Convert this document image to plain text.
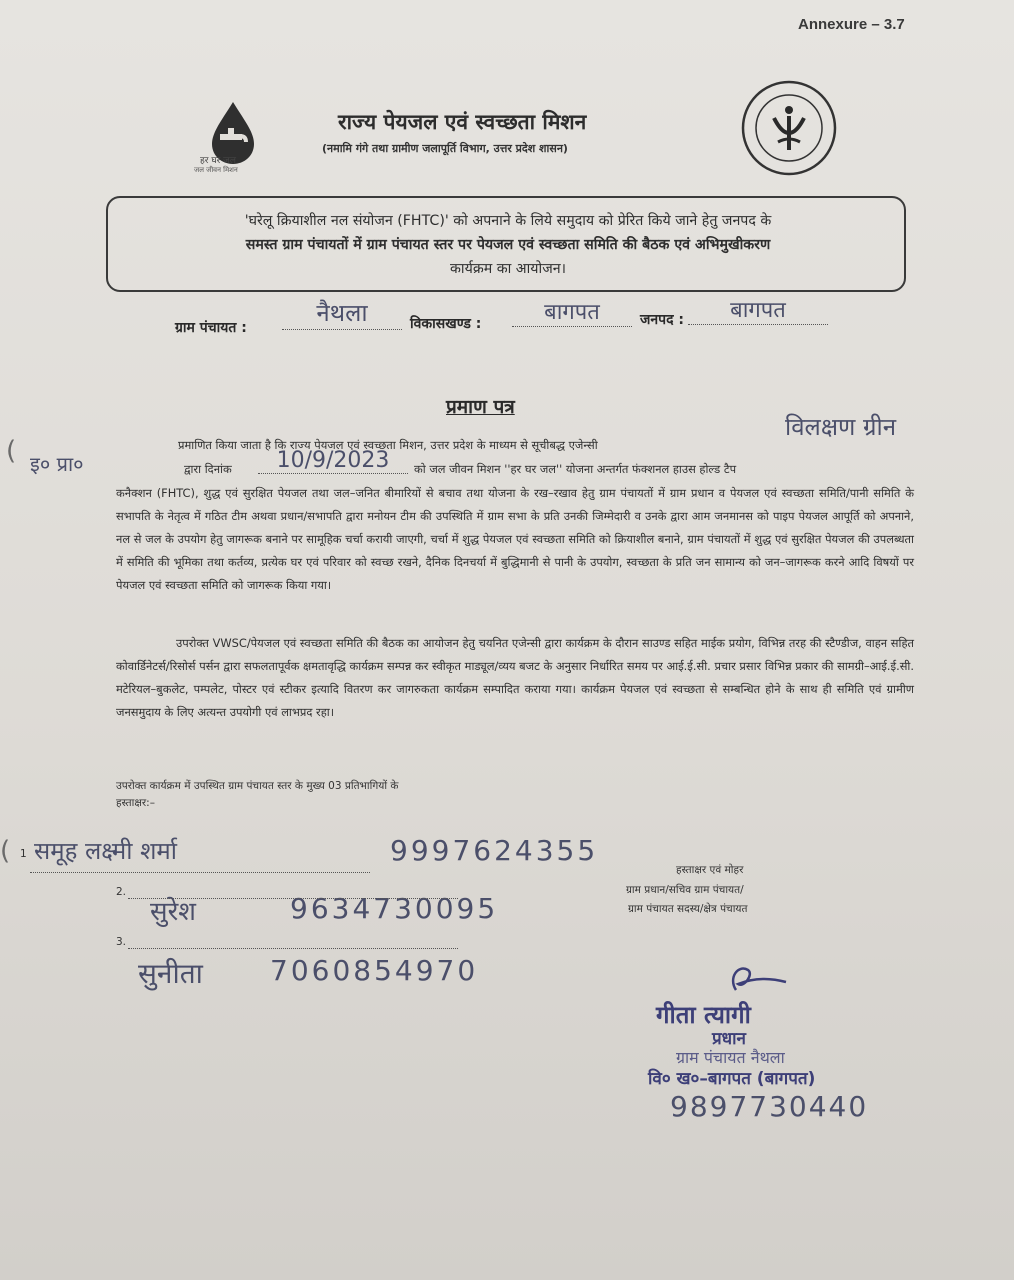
Annexure – 3.7
हर घर जल
जल जीवन मिशन
राज्य पेयजल एवं स्वच्छता मिशन
(नमामि गंगे तथा ग्रामीण जलापूर्ति विभाग, उत्तर प्रदेश शासन)
'घरेलू क्रियाशील नल संयोजन (FHTC)' को अपनाने के लिये समुदाय को प्रेरित किये जाने हेतु जनपद के
समस्त ग्राम पंचायतों में ग्राम पंचायत स्तर पर पेयजल एवं स्वच्छता समिति की बैठक एवं अभिमुखीकरण
कार्यक्रम का आयोजन।
ग्राम पंचायत :
नैथला	विकासखण्ड :	बागपत	जनपद :	बागपत
प्रमाण पत्र
विलक्षण ग्रीन
इ० प्रा०
(	प्रमाणित किया जाता है कि राज्य पेयजल एवं स्वच्छता मिशन, उत्तर प्रदेश के माध्यम से सूचीबद्ध एजेन्सी
द्वारा दिनांक	10/9/2023	को जल जीवन मिशन ''हर घर जल'' योजना अन्तर्गत फंक्शनल हाउस होल्ड टैप
कनैक्शन (FHTC), शुद्ध एवं सुरक्षित पेयजल तथा जल–जनित बीमारियों से बचाव तथा योजना के रख–रखाव हेतु ग्राम पंचायतों में ग्राम प्रधान व पेयजल एवं स्वच्छता समिति/पानी समिति के सभापति के नेतृत्व में गठित टीम अथवा प्रधान/सभापति द्वारा मनोयन टीम की उपस्थिति में ग्राम सभा के प्रति उनकी जिम्मेदारी व उनके द्वारा आम जनमानस को पाइप पेयजल आपूर्ति को अपनाने, नल से जल के उपयोग हेतु जागरूक बनाने पर सामूहिक चर्चा करायी जाएगी, चर्चा में शुद्ध पेयजल एवं स्वच्छता समिति को क्रियाशील बनाने, ग्राम पंचायतों में शुद्ध एवं सुरक्षित पेयजल की उपलब्धता में समिति की भूमिका तथा कर्तव्य, प्रत्येक घर एवं परिवार को स्वच्छ रखने, दैनिक दिनचर्या में बुद्धिमानी से पानी के उपयोग, स्वच्छता के प्रति जन सामान्य को जन–जागरूक करने आदि विषयों पर पेयजल एवं स्वच्छता समिति को जागरूक किया गया।
उपरोक्त VWSC/पेयजल एवं स्वच्छता समिति की बैठक का आयोजन हेतु चयनित एजेन्सी द्वारा कार्यक्रम के दौरान साउण्ड सहित माईक प्रयोग, विभिन्न तरह की स्टैण्डीज, वाहन सहित कोवार्डिनेटर्स/रिसोर्स पर्सन द्वारा सफलतापूर्वक क्षमतावृद्धि कार्यक्रम सम्पन्न कर स्वीकृत माड्यूल/व्यय बजट के अनुसार निर्धारित समय पर आई.ई.सी. प्रचार प्रसार विभिन्न प्रकार की सामग्री–आई.ई.सी. मटेरियल–बुकलेट, पम्पलेट, पोस्टर एवं स्टीकर इत्यादि वितरण कर जागरुकता कार्यक्रम सम्पादित कराया गया। कार्यक्रम पेयजल एवं स्वच्छता से सम्बन्धित होने के साथ ही समिति एवं ग्रामीण जनसमुदाय के लिए अत्यन्त उपयोगी एवं लाभप्रद रहा।
उपरोक्त कार्यक्रम में उपस्थित ग्राम पंचायत स्तर के मुख्य 03 प्रतिभागियों के
हस्ताक्षर:–
( 1 समूह लक्ष्मी शर्मा	9997624355
2.
सुरेश	9634730095
3.
सुनीता 7060854970
हस्ताक्षर एवं मोहर
ग्राम प्रधान/सचिव ग्राम पंचायत/
ग्राम पंचायत सदस्य/क्षेत्र पंचायत
गीता त्यागी
प्रधान
ग्राम पंचायत नैथला
वि० ख०–बागपत (बागपत)
9897730440
